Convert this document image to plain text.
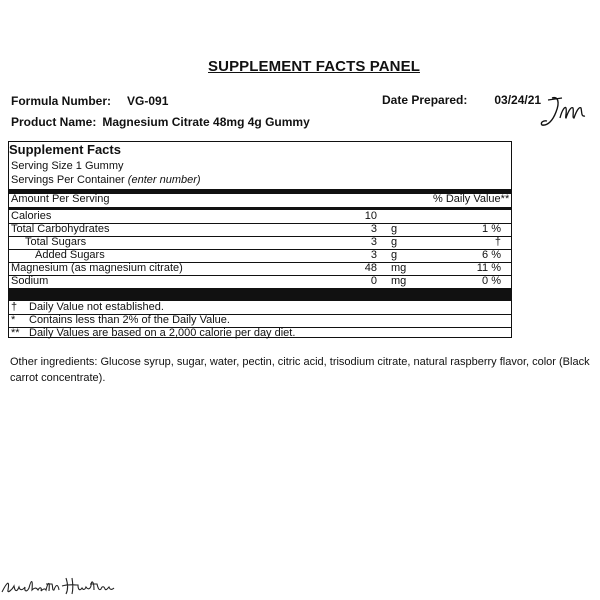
SUPPLEMENT FACTS PANEL
Formula Number: VG-091	Date Prepared: 03/24/21
Product Name: Magnesium Citrate 48mg 4g Gummy
Supplement Facts
Serving Size 1 Gummy
Servings Per Container (enter number)
Amount Per Serving	% Daily Value**
Calories	10
Total Carbohydrates	3 g	1 %
Total Sugars	3 g	†
Added Sugars	3 g	6 %
Magnesium (as magnesium citrate)	48 mg	11 %
Sodium	0 mg	0 %
† Daily Value not established.
* Contains less than 2% of the Daily Value.
** Daily Values are based on a 2,000 calorie per day diet.
Other ingredients: Glucose syrup, sugar, water, pectin, citric acid, trisodium citrate, natural raspberry flavor, color (Black carrot concentrate).
